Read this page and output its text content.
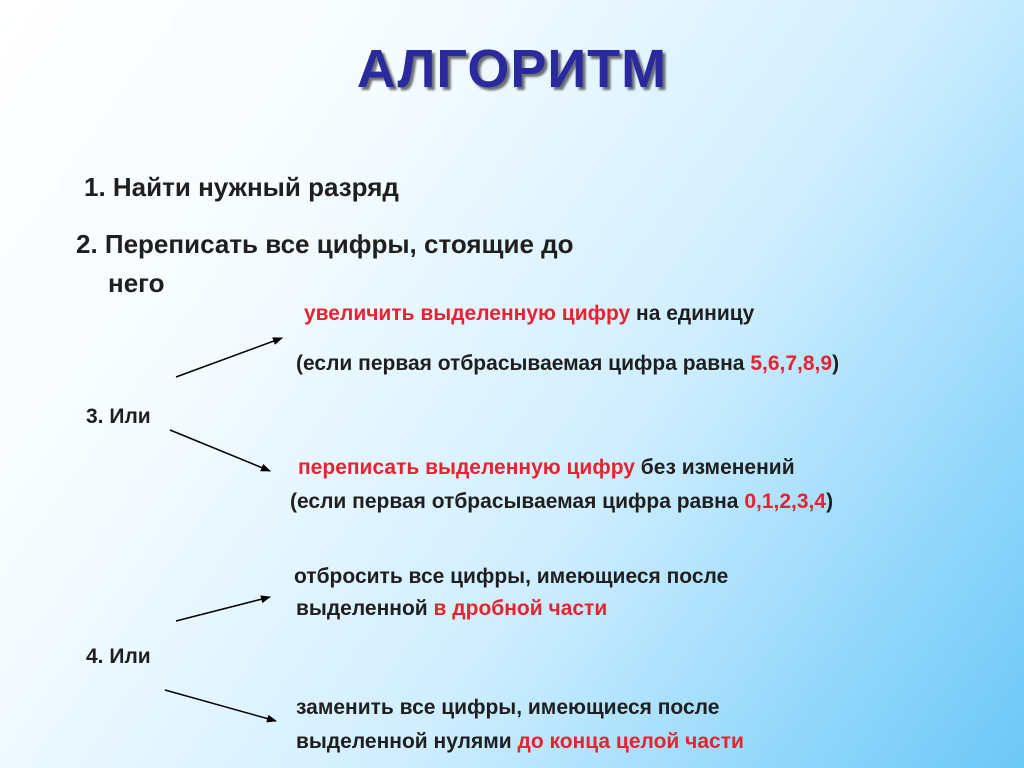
АЛГОРИТМ
1. Найти нужный разряд
2. Переписать все цифры, стоящие до
него
увеличить выделенную цифру на единицу
(если первая отбрасываемая цифра равна 5,6,7,8,9)
3. Или
переписать выделенную цифру без изменений
(если первая отбрасываемая цифра равна 0,1,2,3,4)
отбросить все цифры, имеющиеся после
выделенной в дробной части
4. Или
заменить все цифры, имеющиеся после
выделенной нулями до конца целой части
